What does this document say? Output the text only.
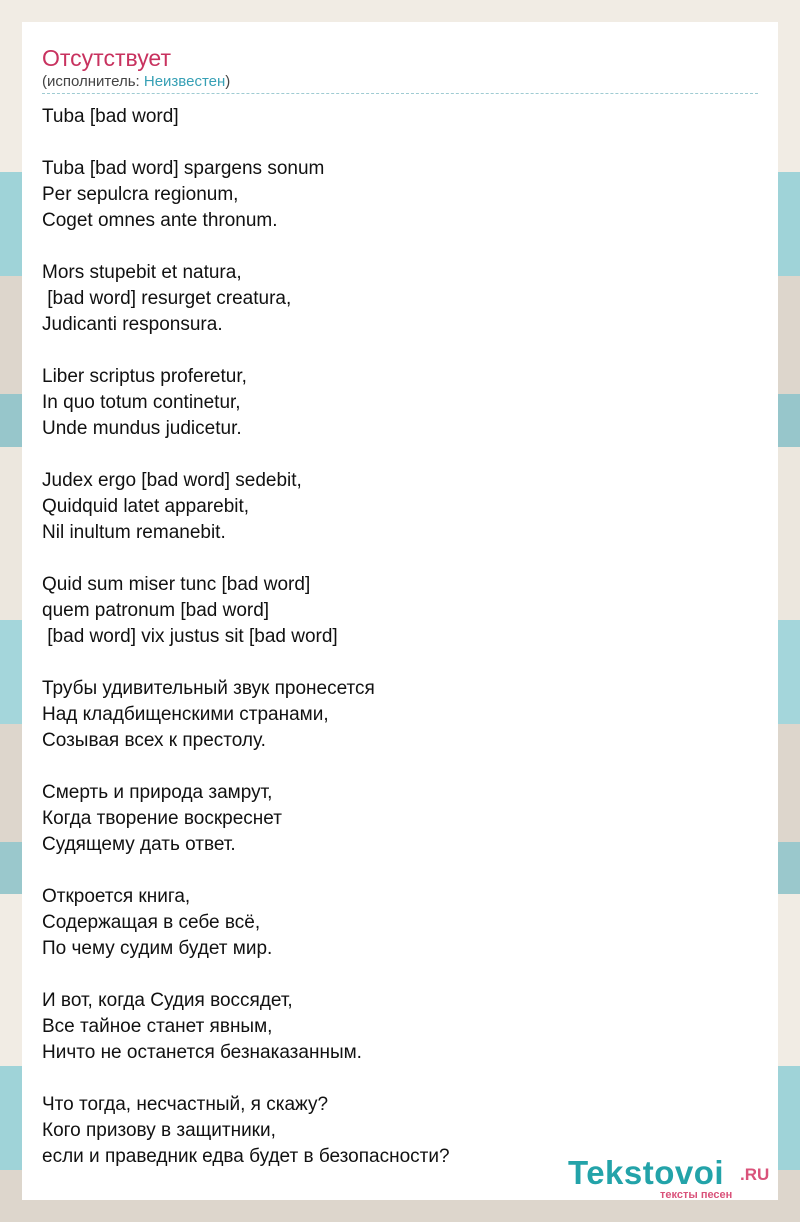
Отсутствует
(исполнитель: Неизвестен)
Tuba [bad word]
Tuba [bad word] spargens sonum
Per sepulcra regionum,
Coget omnes ante thronum.
Mors stupebit et natura,
[bad word] resurget creatura,
Judicanti responsura.
Liber scriptus proferetur,
In quo totum continetur,
Unde mundus judicetur.
Judex ergo [bad word] sedebit,
Quidquid latet apparebit,
Nil inultum remanebit.
Quid sum miser tunc [bad word]
quem patronum [bad word]
[bad word] vix justus sit [bad word]
Трубы удивительный звук пронесется
Над кладбищенскими странами,
Созывая всех к престолу.
Смерть и природа замрут,
Когда творение воскреснет
Судящему дать ответ.
Откроется книга,
Содержащая в себе всё,
По чему судим будет мир.
И вот, когда Судия воссядет,
Все тайное станет явным,
Ничто не останется безнаказанным.
Что тогда, несчастный, я скажу?
Кого призову в защитники,
если и праведник едва будет в безопасности?	Tekstovoi .RU
тексты песен
